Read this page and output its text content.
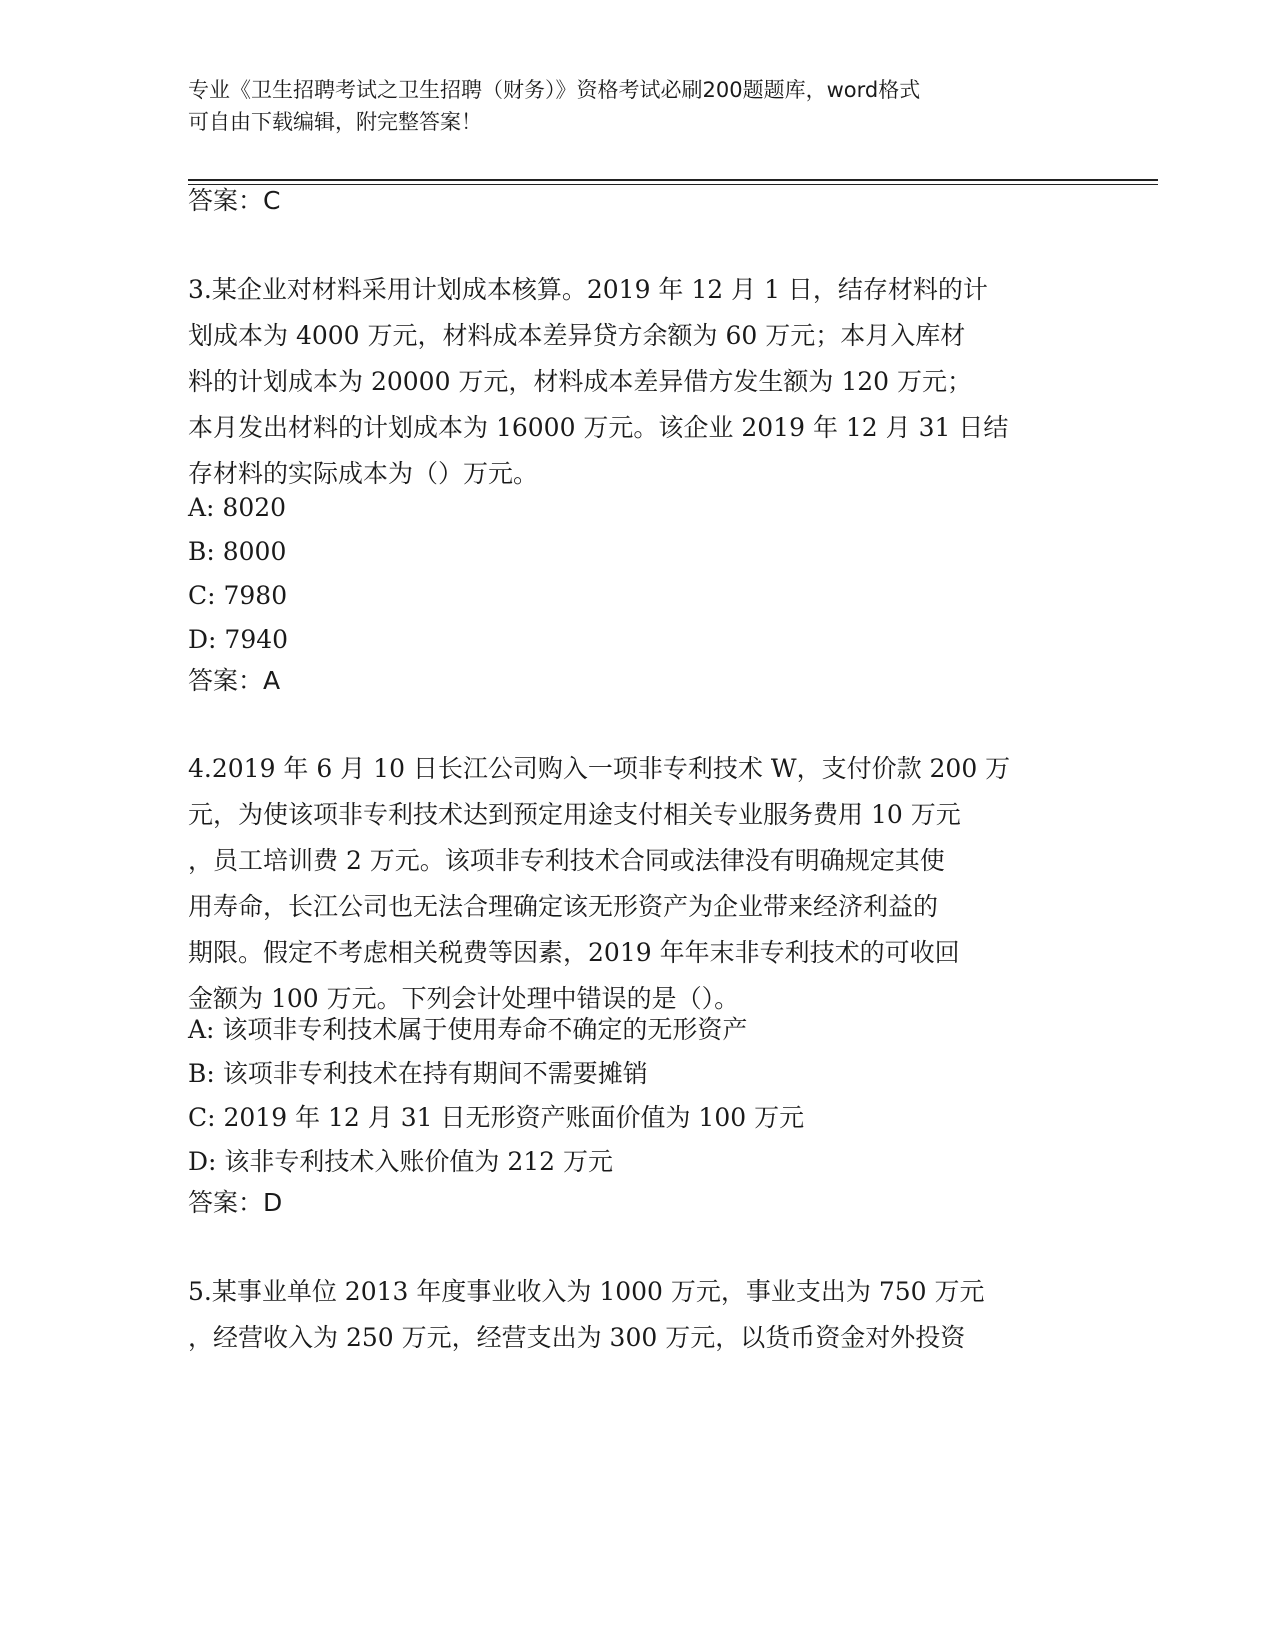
专业《卫生招聘考试之卫生招聘（财务）》资格考试必刷200题题库，word格式
可自由下载编辑，附完整答案！
答案：C
3.某企业对材料采用计划成本核算。2019 年 12 月 1 日，结存材料的计
划成本为 4000 万元，材料成本差异贷方余额为 60 万元；本月入库材
料的计划成本为 20000 万元，材料成本差异借方发生额为 120 万元；
本月发出材料的计划成本为 16000 万元。该企业 2019 年 12 月 31 日结
存材料的实际成本为（）万元。
A: 8020
B: 8000
C: 7980
D: 7940
答案：A
4.2019 年 6 月 10 日长江公司购入一项非专利技术 W，支付价款 200 万
元，为使该项非专利技术达到预定用途支付相关专业服务费用 10 万元
，员工培训费 2 万元。该项非专利技术合同或法律没有明确规定其使
用寿命，长江公司也无法合理确定该无形资产为企业带来经济利益的
期限。假定不考虑相关税费等因素，2019 年年末非专利技术的可收回
金额为 100 万元。下列会计处理中错误的是（）。
A: 该项非专利技术属于使用寿命不确定的无形资产
B: 该项非专利技术在持有期间不需要摊销
C: 2019 年 12 月 31 日无形资产账面价值为 100 万元
D: 该非专利技术入账价值为 212 万元
答案：D
5.某事业单位 2013 年度事业收入为 1000 万元，事业支出为 750 万元
，经营收入为 250 万元，经营支出为 300 万元，以货币资金对外投资
